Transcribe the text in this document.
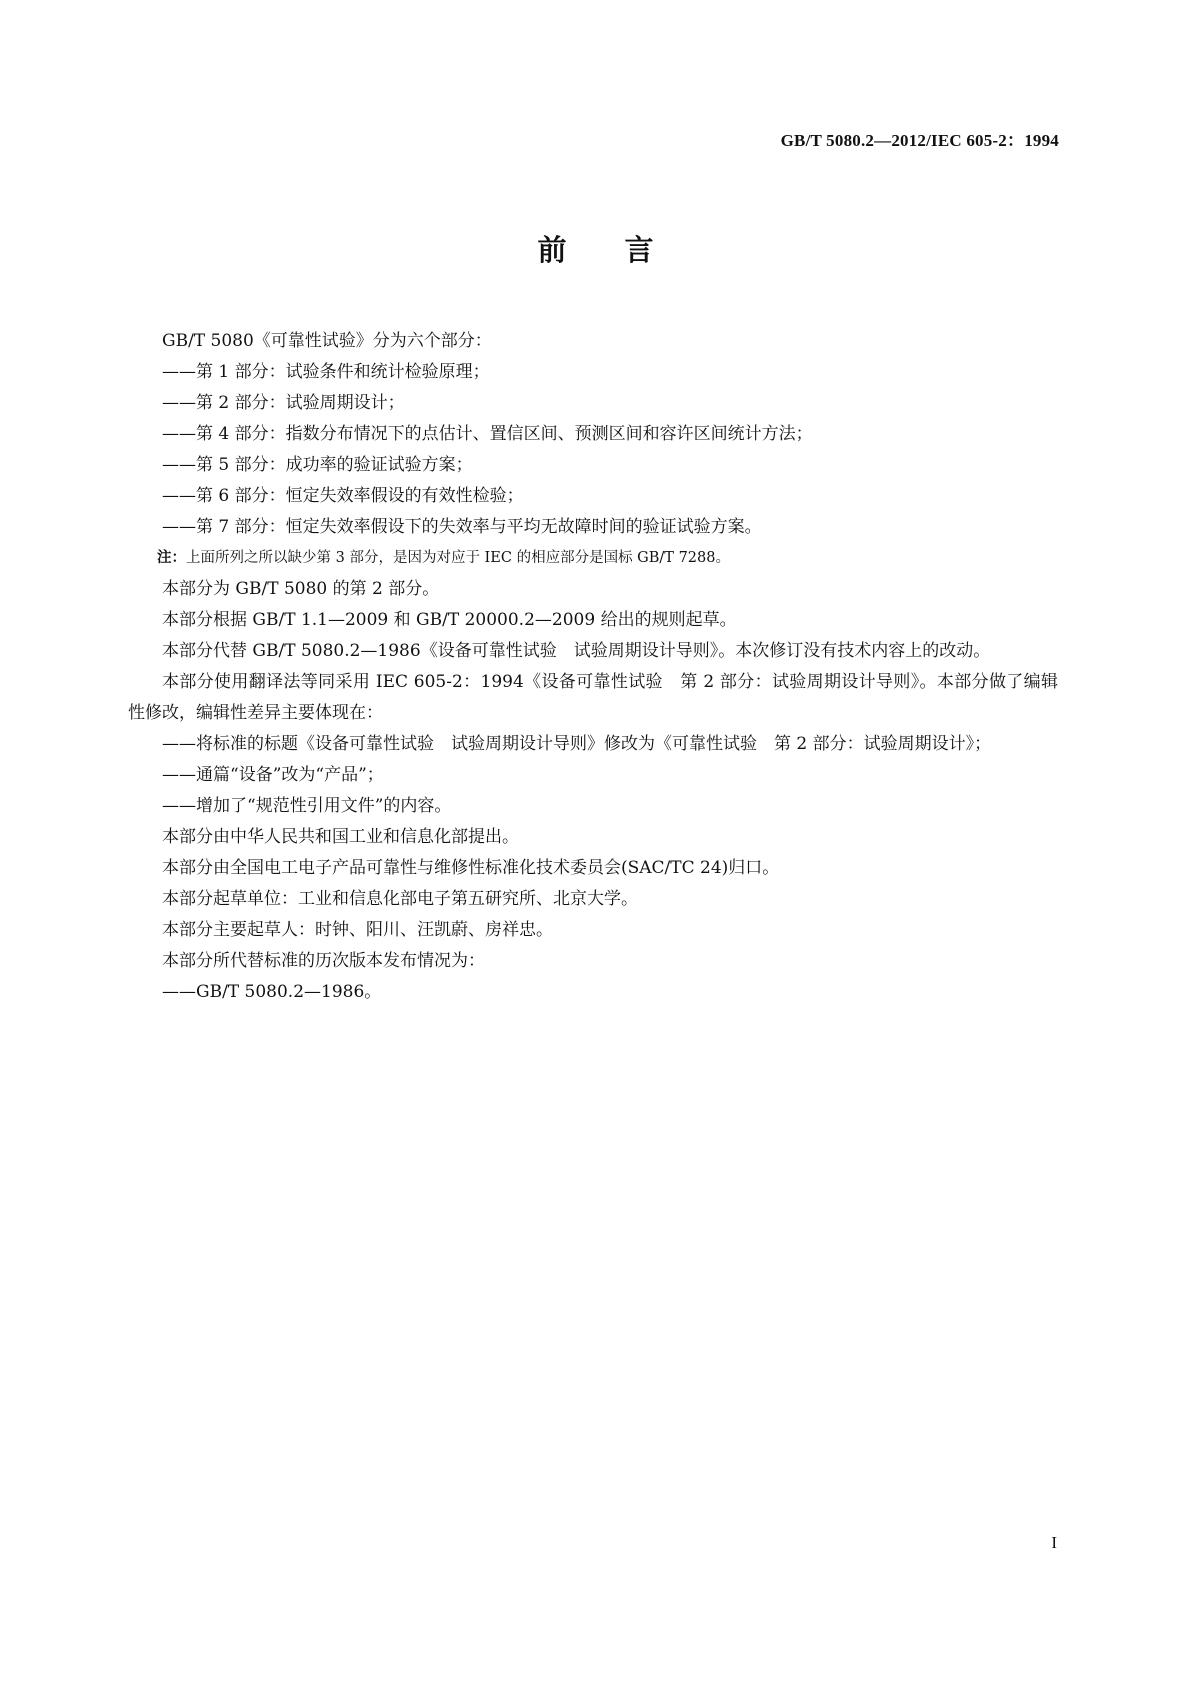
GB/T 5080.2—2012/IEC 605-2：1994
前言

GB/T 5080《可靠性试验》分为六个部分：

——第 1 部分：试验条件和统计检验原理；

——第 2 部分：试验周期设计；

——第 4 部分：指数分布情况下的点估计、置信区间、预测区间和容许区间统计方法；

——第 5 部分：成功率的验证试验方案；

——第 6 部分：恒定失效率假设的有效性检验；

——第 7 部分：恒定失效率假设下的失效率与平均无故障时间的验证试验方案。

注：上面所列之所以缺少第 3 部分，是因为对应于 IEC 的相应部分是国标 GB/T 7288。

本部分为 GB/T 5080 的第 2 部分。

本部分根据 GB/T 1.1—2009 和 GB/T 20000.2—2009 给出的规则起草。

本部分代替 GB/T 5080.2—1986《设备可靠性试验　试验周期设计导则》。本次修订没有技术内容上的改动。

本部分使用翻译法等同采用 IEC 605-2：1994《设备可靠性试验　第 2 部分：试验周期设计导则》。本部分做了编辑性修改，编辑性差异主要体现在：

——将标准的标题《设备可靠性试验　试验周期设计导则》修改为《可靠性试验　第 2 部分：试验周期设计》；

——通篇“设备”改为“产品”；

——增加了“规范性引用文件”的内容。

本部分由中华人民共和国工业和信息化部提出。

本部分由全国电工电子产品可靠性与维修性标准化技术委员会(SAC/TC 24)归口。

本部分起草单位：工业和信息化部电子第五研究所、北京大学。

本部分主要起草人：时钟、阳川、汪凯蔚、房祥忠。

本部分所代替标准的历次版本发布情况为：

——GB/T 5080.2—1986。

I
